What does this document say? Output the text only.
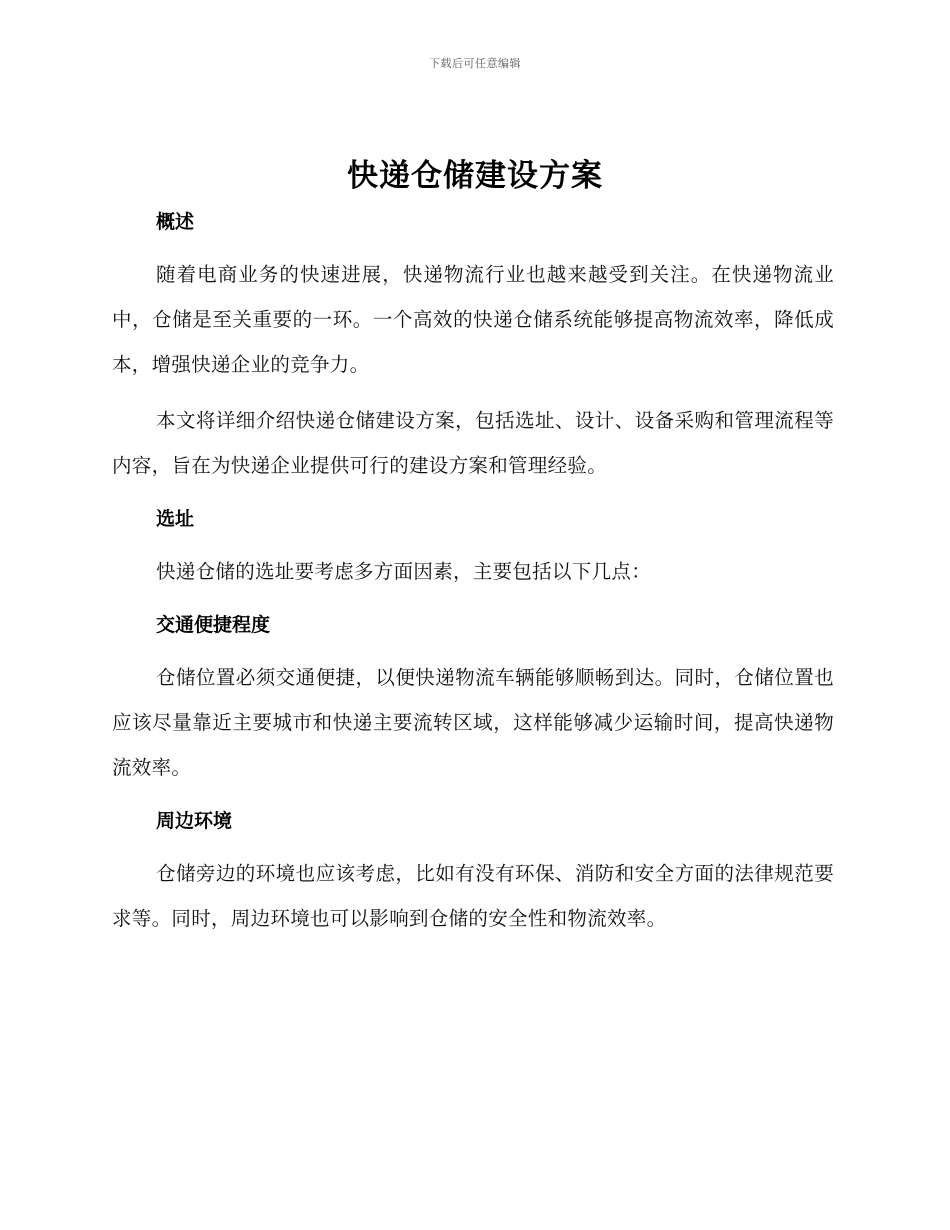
下载后可任意编辑
快递仓储建设方案
概述

随着电商业务的快速进展，快递物流行业也越来越受到关注。在快递物流业中，仓储是至关重要的一环。一个高效的快递仓储系统能够提高物流效率，降低成本，增强快递企业的竞争力。

本文将详细介绍快递仓储建设方案，包括选址、设计、设备采购和管理流程等内容，旨在为快递企业提供可行的建设方案和管理经验。

选址

快递仓储的选址要考虑多方面因素，主要包括以下几点：

交通便捷程度

仓储位置必须交通便捷，以便快递物流车辆能够顺畅到达。同时，仓储位置也应该尽量靠近主要城市和快递主要流转区域，这样能够减少运输时间，提高快递物流效率。

周边环境

仓储旁边的环境也应该考虑，比如有没有环保、消防和安全方面的法律规范要求等。同时，周边环境也可以影响到仓储的安全性和物流效率。
